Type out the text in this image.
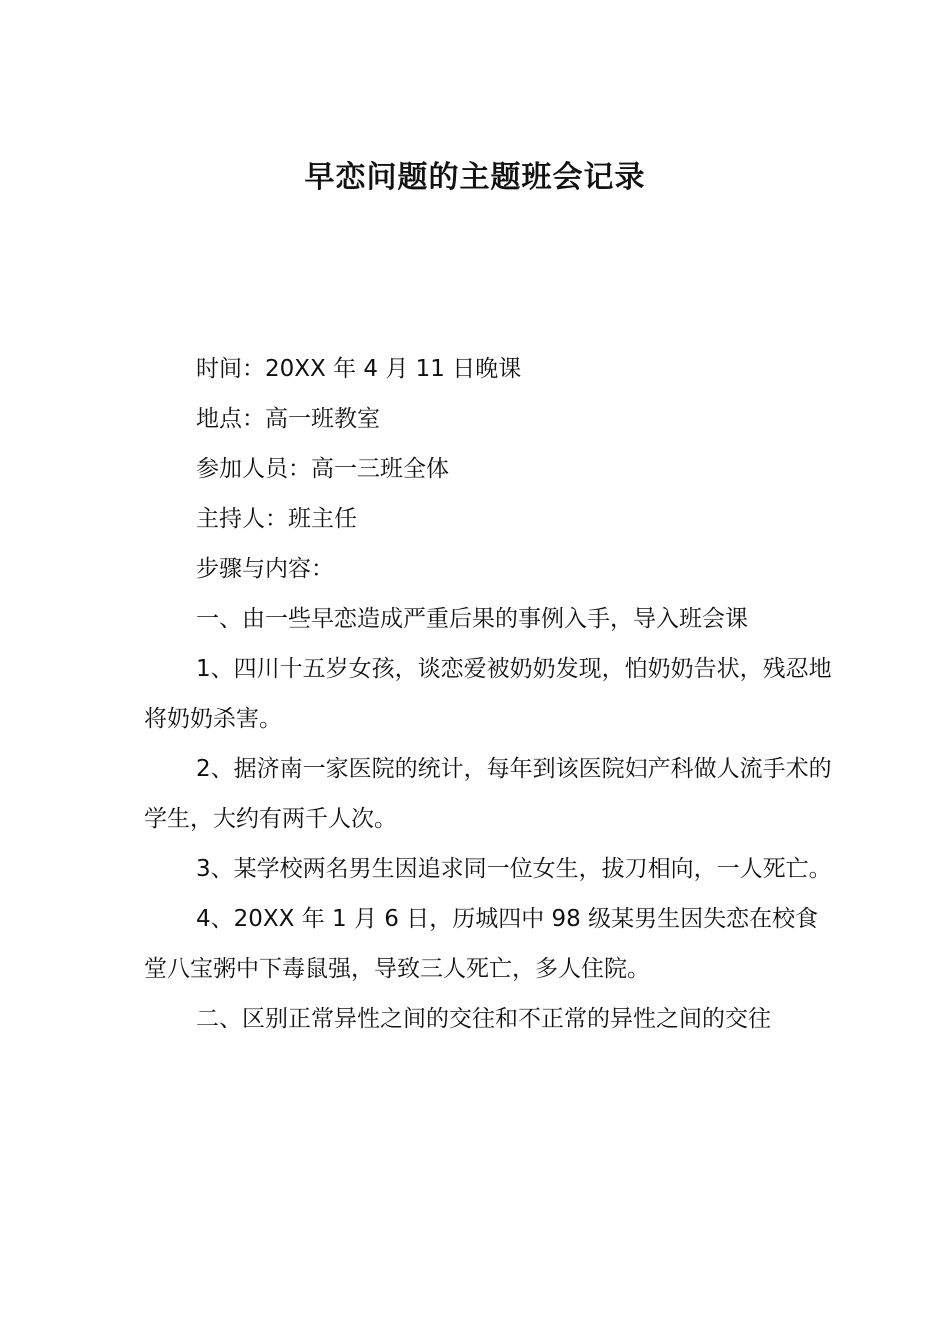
早恋问题的主题班会记录

时间：20XX 年 4 月 11 日晚课

地点：高一班教室

参加人员：高一三班全体

主持人：班主任

步骤与内容：

一、由一些早恋造成严重后果的事例入手，导入班会课

1、四川十五岁女孩，谈恋爱被奶奶发现，怕奶奶告状，残忍地将奶奶杀害。

2、据济南一家医院的统计，每年到该医院妇产科做人流手术的学生，大约有两千人次。

3、某学校两名男生因追求同一位女生，拔刀相向，一人死亡。

4、20XX 年 1 月 6 日，历城四中 98 级某男生因失恋在校食堂八宝粥中下毒鼠强，导致三人死亡，多人住院。

二、区别正常异性之间的交往和不正常的异性之间的交往
